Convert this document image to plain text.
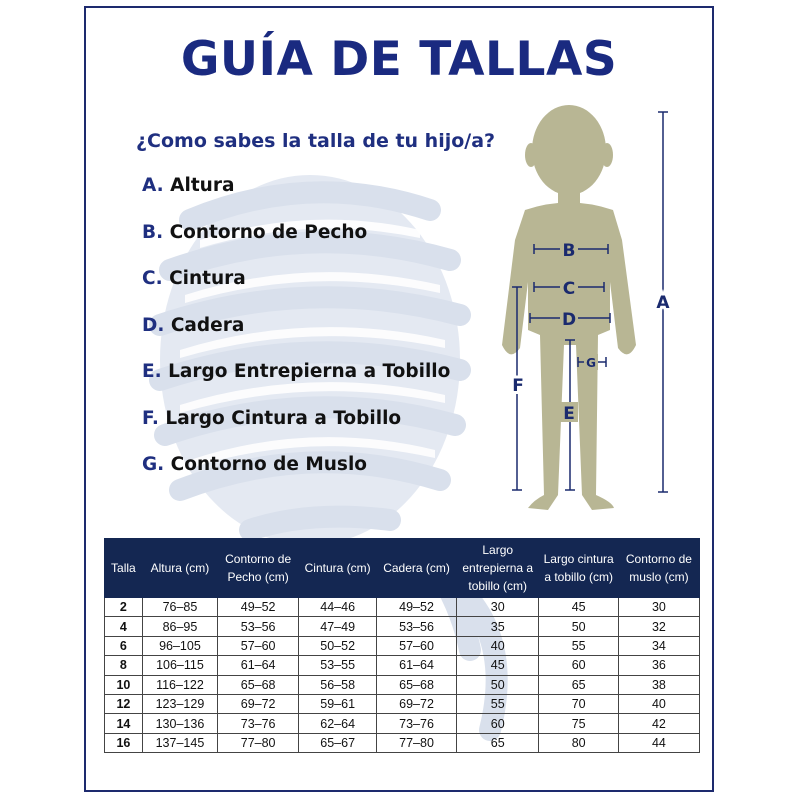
GUÍA DE TALLAS
¿Como sabes la talla de tu hijo/a?
A. Altura
B. Contorno de Pecho
C. Cintura
D. Cadera
E. Largo Entrepierna a Tobillo
F. Largo Cintura a Tobillo
G. Contorno de Muslo
B
C
D
G
E
A
F
Talla	Altura (cm)	Contorno de Pecho (cm)	Cintura (cm)	Cadera (cm)	Largo entrepierna a tobillo (cm)	Largo cintura a tobillo (cm)	Contorno de muslo (cm)
2	76–85	49–52	44–46	49–52	30	45	30
4	86–95	53–56	47–49	53–56	35	50	32
6	96–105	57–60	50–52	57–60	40	55	34
8	106–115	61–64	53–55	61–64	45	60	36
10	116–122	65–68	56–58	65–68	50	65	38
12	123–129	69–72	59–61	69–72	55	70	40
14	130–136	73–76	62–64	73–76	60	75	42
16	137–145	77–80	65–67	77–80	65	80	44
